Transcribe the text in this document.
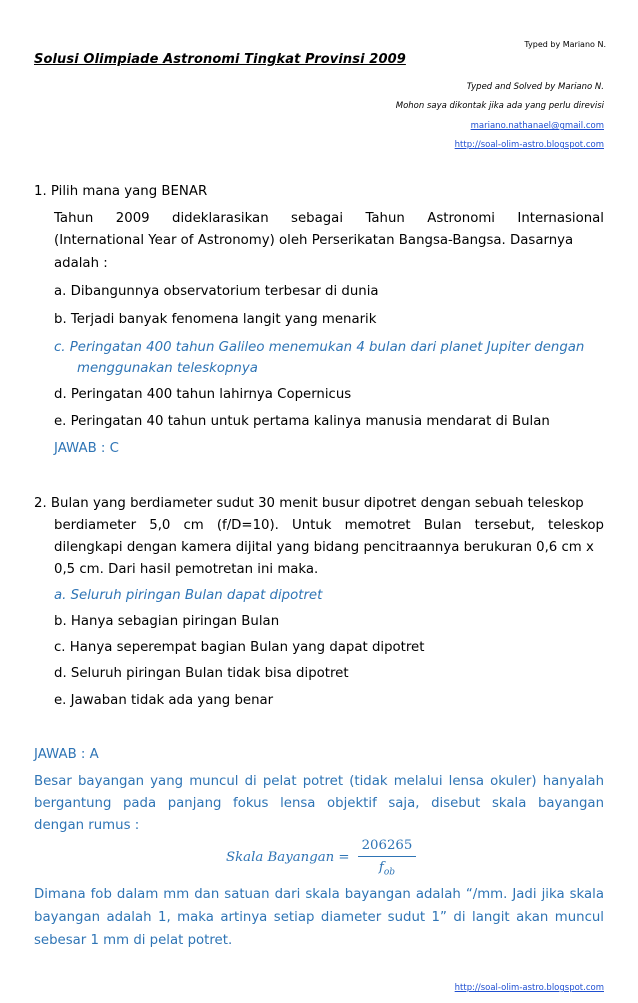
Typed by Mariano N.
Solusi Olimpiade Astronomi Tingkat Provinsi 2009
Typed and Solved by Mariano N.
Mohon saya dikontak jika ada yang perlu direvisi
mariano.nathanael@gmail.com
http://soal-olim-astro.blogspot.com
1. Pilih mana yang BENAR
Tahun 2009 dideklarasikan sebagai Tahun Astronomi Internasional
(International Year of Astronomy) oleh Perserikatan Bangsa-Bangsa. Dasarnya
adalah :
a. Dibangunnya observatorium terbesar di dunia
b. Terjadi banyak fenomena langit yang menarik
c. Peringatan 400 tahun Galileo menemukan 4 bulan dari planet Jupiter dengan
menggunakan teleskopnya
d. Peringatan 400 tahun lahirnya Copernicus
e. Peringatan 40 tahun untuk pertama kalinya manusia mendarat di Bulan
JAWAB : C
2. Bulan yang berdiameter sudut 30 menit busur dipotret dengan sebuah teleskop
berdiameter 5,0 cm (f/D=10). Untuk memotret Bulan tersebut, teleskop
dilengkapi dengan kamera dijital yang bidang pencitraannya berukuran 0,6 cm x
0,5 cm. Dari hasil pemotretan ini maka.
a. Seluruh piringan Bulan dapat dipotret
b. Hanya sebagian piringan Bulan
c. Hanya seperempat bagian Bulan yang dapat dipotret
d. Seluruh piringan Bulan tidak bisa dipotret
e. Jawaban tidak ada yang benar
JAWAB : A
Besar bayangan yang muncul di pelat potret (tidak melalui lensa okuler) hanyalah
bergantung pada panjang fokus lensa objektif saja, disebut skala bayangan
dengan rumus :
Skala Bayangan = $\frac{206265}{f_{ob}}$
Dimana fob dalam mm dan satuan dari skala bayangan adalah “/mm. Jadi jika skala
bayangan adalah 1, maka artinya setiap diameter sudut 1” di langit akan muncul
sebesar 1 mm di pelat potret.
http://soal-olim-astro.blogspot.com
